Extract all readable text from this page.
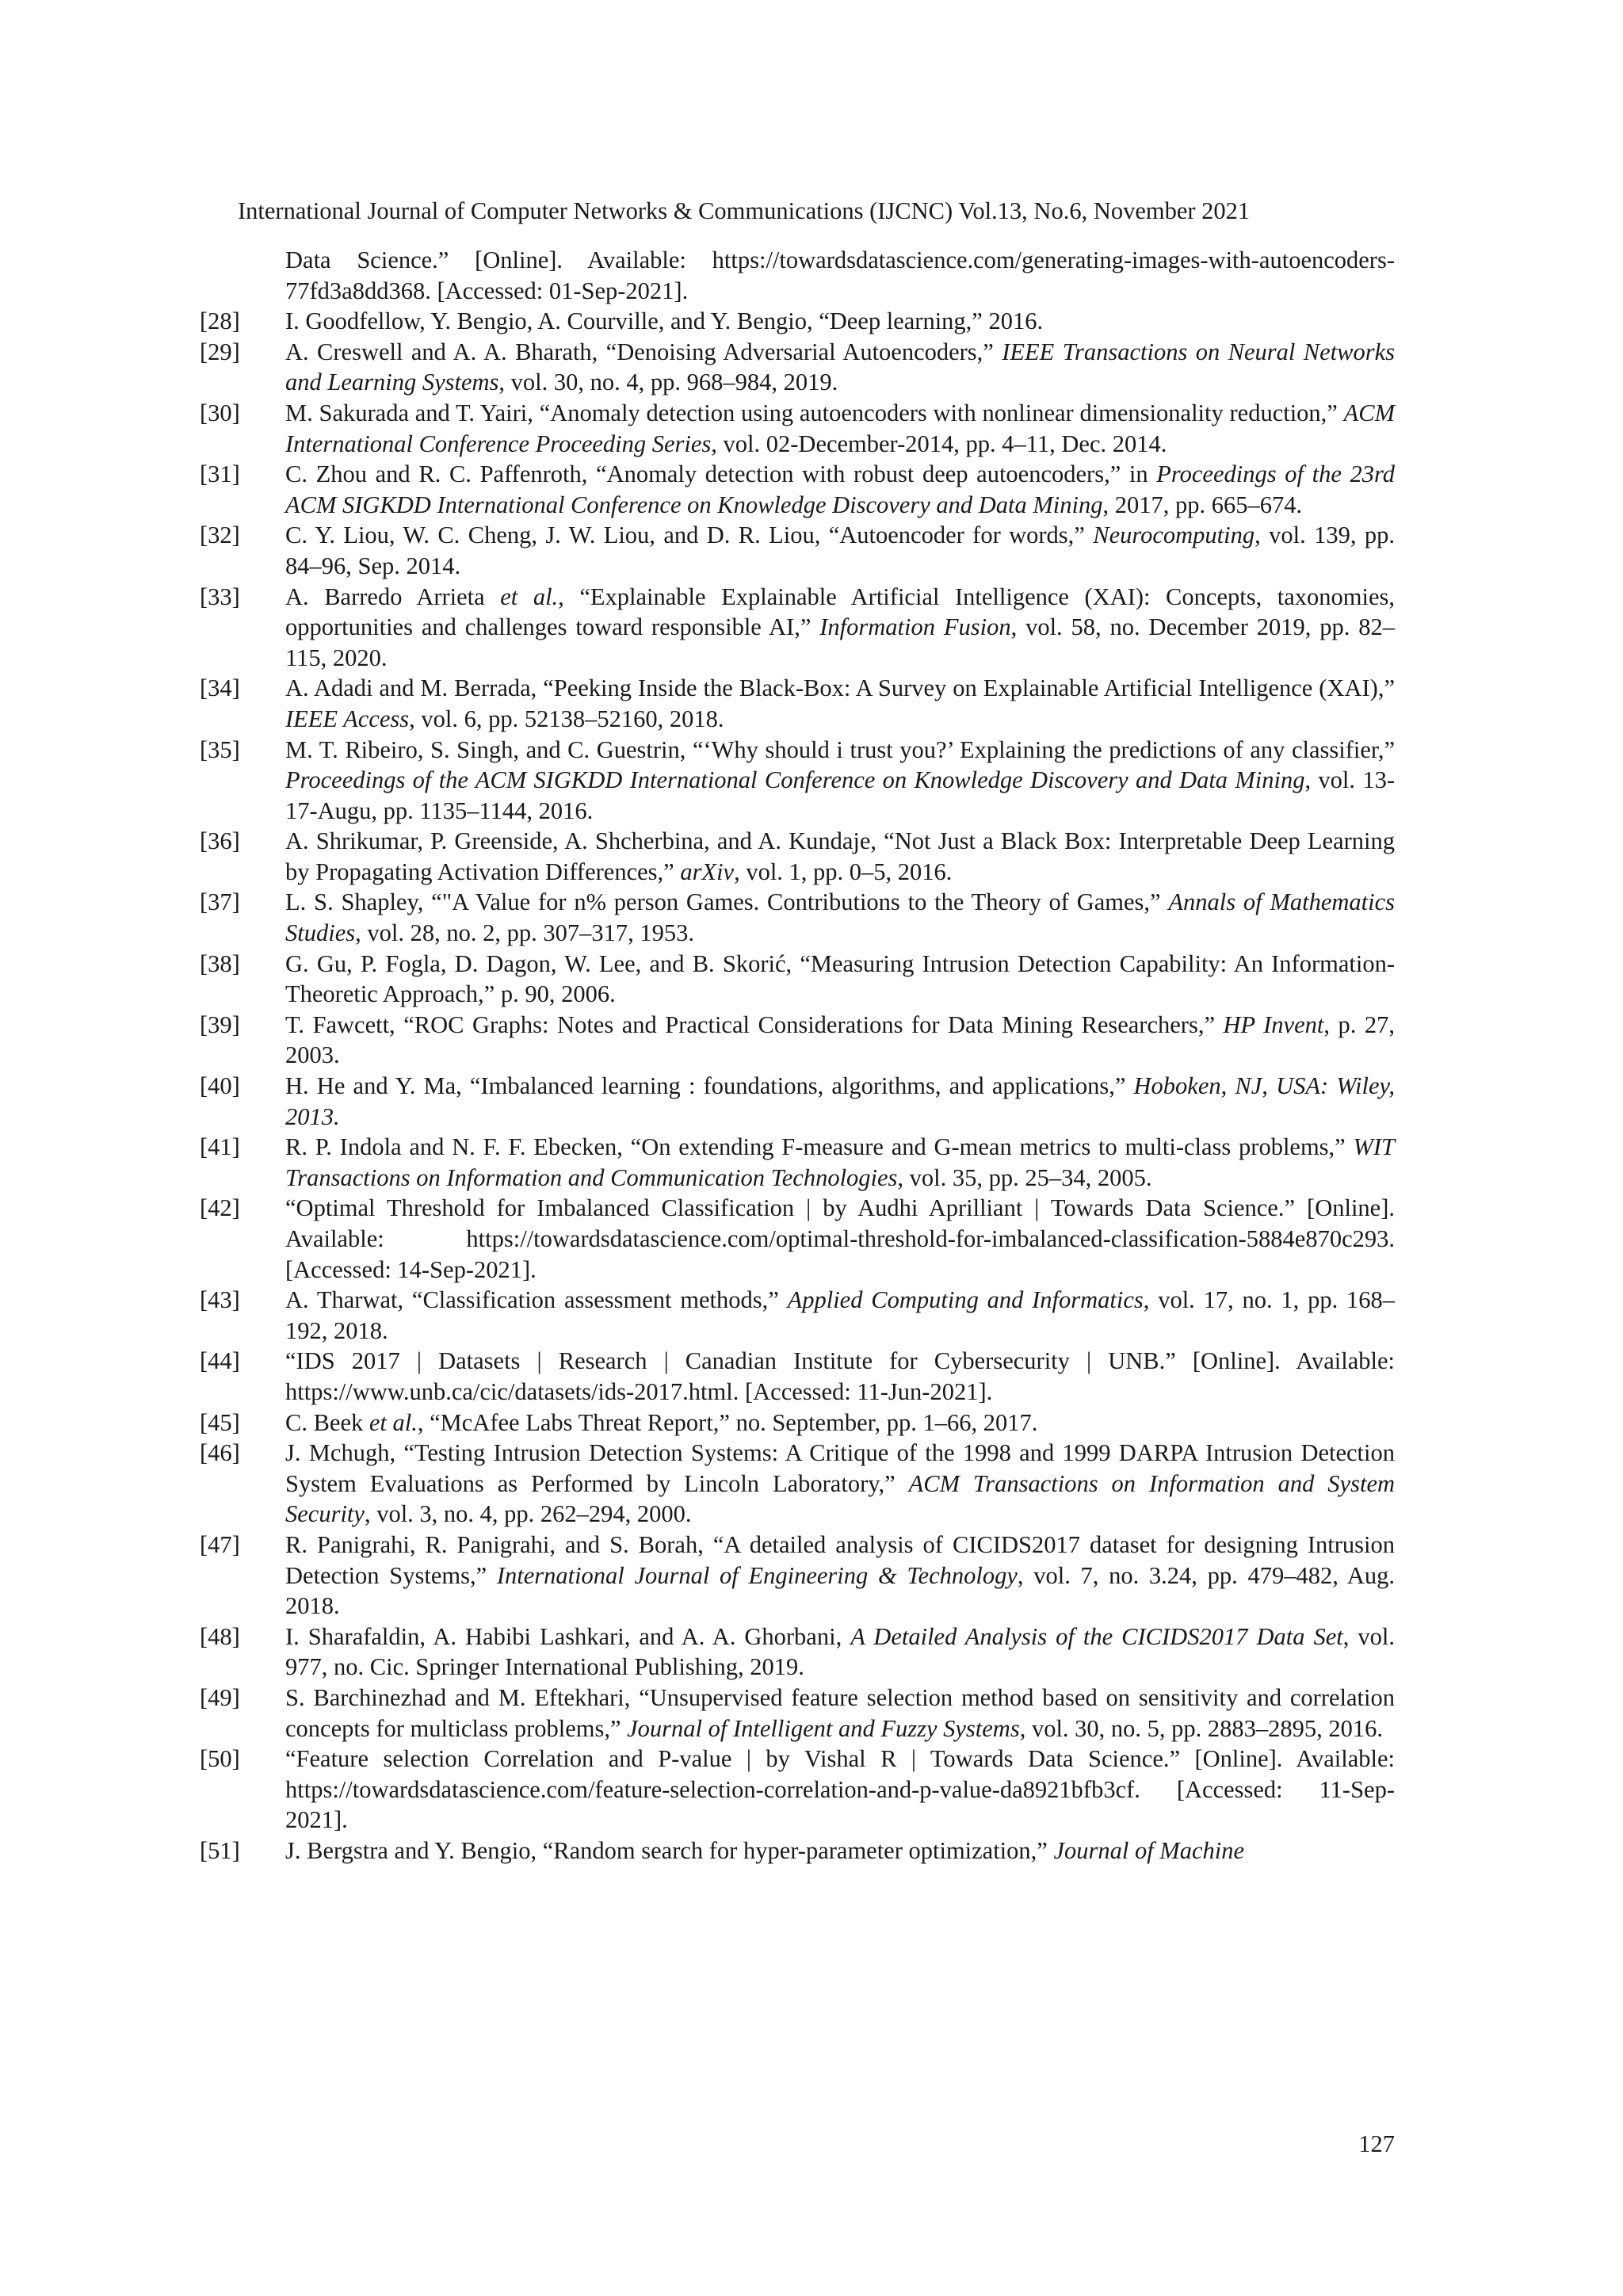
International Journal of Computer Networks & Communications (IJCNC) Vol.13, No.6, November 2021
Data Science.” [Online]. Available: https://towardsdatascience.com/generating-images-with-autoencoders-77fd3a8dd368. [Accessed: 01-Sep-2021].
[28]	I. Goodfellow, Y. Bengio, A. Courville, and Y. Bengio, “Deep learning,” 2016.
[29]	A. Creswell and A. A. Bharath, “Denoising Adversarial Autoencoders,” IEEE Transactions on Neural Networks and Learning Systems, vol. 30, no. 4, pp. 968–984, 2019.
[30]	M. Sakurada and T. Yairi, “Anomaly detection using autoencoders with nonlinear dimensionality reduction,” ACM International Conference Proceeding Series, vol. 02-December-2014, pp. 4–11, Dec. 2014.
[31]	C. Zhou and R. C. Paffenroth, “Anomaly detection with robust deep autoencoders,” in Proceedings of the 23rd ACM SIGKDD International Conference on Knowledge Discovery and Data Mining, 2017, pp. 665–674.
[32]	C. Y. Liou, W. C. Cheng, J. W. Liou, and D. R. Liou, “Autoencoder for words,” Neurocomputing, vol. 139, pp. 84–96, Sep. 2014.
[33]	A. Barredo Arrieta et al., “Explainable Explainable Artificial Intelligence (XAI): Concepts, taxonomies, opportunities and challenges toward responsible AI,” Information Fusion, vol. 58, no. December 2019, pp. 82–115, 2020.
[34]	A. Adadi and M. Berrada, “Peeking Inside the Black-Box: A Survey on Explainable Artificial Intelligence (XAI),” IEEE Access, vol. 6, pp. 52138–52160, 2018.
[35]	M. T. Ribeiro, S. Singh, and C. Guestrin, “‘Why should i trust you?’ Explaining the predictions of any classifier,” Proceedings of the ACM SIGKDD International Conference on Knowledge Discovery and Data Mining, vol. 13-17-Augu, pp. 1135–1144, 2016.
[36]	A. Shrikumar, P. Greenside, A. Shcherbina, and A. Kundaje, “Not Just a Black Box: Interpretable Deep Learning by Propagating Activation Differences,” arXiv, vol. 1, pp. 0–5, 2016.
[37]	L. S. Shapley, “"A Value for n% person Games. Contributions to the Theory of Games,” Annals of Mathematics Studies, vol. 28, no. 2, pp. 307–317, 1953.
[38]	G. Gu, P. Fogla, D. Dagon, W. Lee, and B. Skorić, “Measuring Intrusion Detection Capability: An Information-Theoretic Approach,” p. 90, 2006.
[39]	T. Fawcett, “ROC Graphs: Notes and Practical Considerations for Data Mining Researchers,” HP Invent, p. 27, 2003.
[40]	H. He and Y. Ma, “Imbalanced learning : foundations, algorithms, and applications,” Hoboken, NJ, USA: Wiley, 2013.
[41]	R. P. Indola and N. F. F. Ebecken, “On extending F-measure and G-mean metrics to multi-class problems,” WIT Transactions on Information and Communication Technologies, vol. 35, pp. 25–34, 2005.
[42]	“Optimal Threshold for Imbalanced Classification | by Audhi Aprilliant | Towards Data Science.” [Online]. Available: https://towardsdatascience.com/optimal-threshold-for-imbalanced-classification-5884e870c293. [Accessed: 14-Sep-2021].
[43]	A. Tharwat, “Classification assessment methods,” Applied Computing and Informatics, vol. 17, no. 1, pp. 168–192, 2018.
[44]	“IDS 2017 | Datasets | Research | Canadian Institute for Cybersecurity | UNB.” [Online]. Available: https://www.unb.ca/cic/datasets/ids-2017.html. [Accessed: 11-Jun-2021].
[45]	C. Beek et al., “McAfee Labs Threat Report,” no. September, pp. 1–66, 2017.
[46]	J. Mchugh, “Testing Intrusion Detection Systems: A Critique of the 1998 and 1999 DARPA Intrusion Detection System Evaluations as Performed by Lincoln Laboratory,” ACM Transactions on Information and System Security, vol. 3, no. 4, pp. 262–294, 2000.
[47]	R. Panigrahi, R. Panigrahi, and S. Borah, “A detailed analysis of CICIDS2017 dataset for designing Intrusion Detection Systems,” International Journal of Engineering & Technology, vol. 7, no. 3.24, pp. 479–482, Aug. 2018.
[48]	I. Sharafaldin, A. Habibi Lashkari, and A. A. Ghorbani, A Detailed Analysis of the CICIDS2017 Data Set, vol. 977, no. Cic. Springer International Publishing, 2019.
[49]	S. Barchinezhad and M. Eftekhari, “Unsupervised feature selection method based on sensitivity and correlation concepts for multiclass problems,” Journal of Intelligent and Fuzzy Systems, vol. 30, no. 5, pp. 2883–2895, 2016.
[50]	“Feature selection Correlation and P-value | by Vishal R | Towards Data Science.” [Online]. Available: https://towardsdatascience.com/feature-selection-correlation-and-p-value-da8921bfb3cf. [Accessed: 11-Sep-2021].
[51]	J. Bergstra and Y. Bengio, “Random search for hyper-parameter optimization,” Journal of Machine
127
